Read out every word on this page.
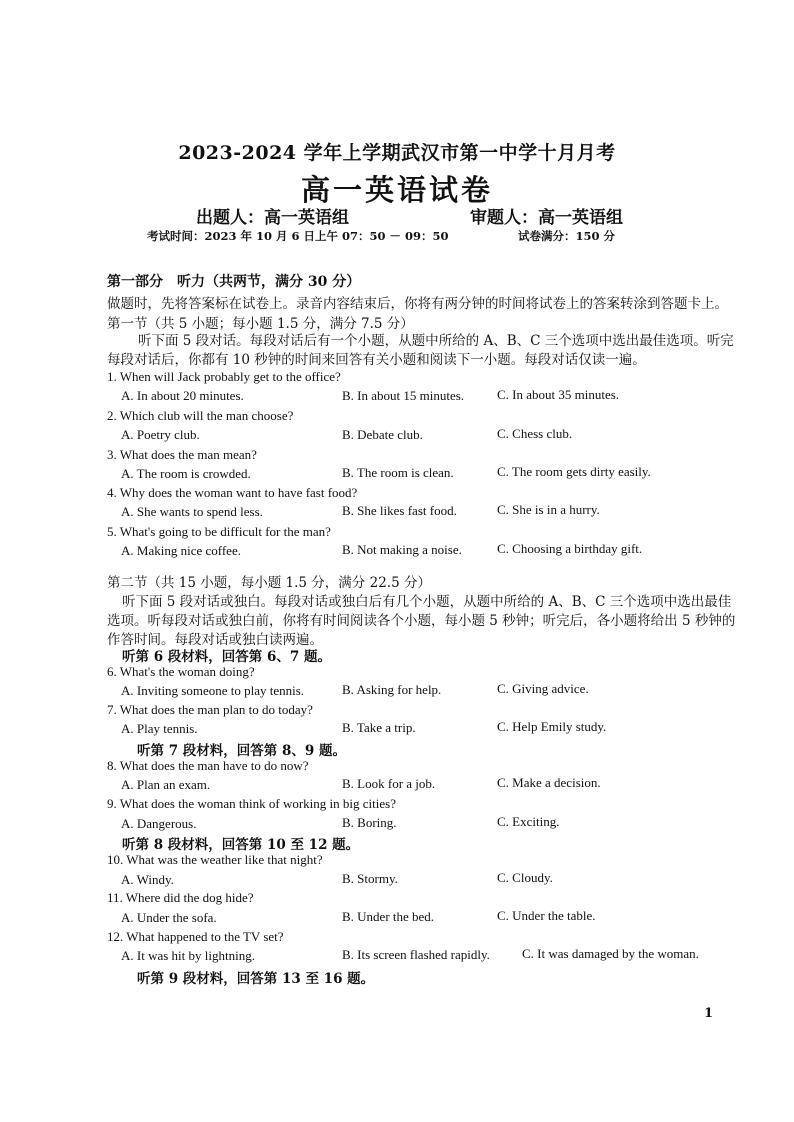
2023-2024 学年上学期武汉市第一中学十月月考
高一英语试卷
出题人：高一英语组	审题人：高一英语组
考试时间：2023 年 10 月 6 日上午 07：50 － 09：50	试卷满分：150 分
第一部分　听力（共两节，满分 30 分）
做题时，先将答案标在试卷上。录音内容结束后，你将有两分钟的时间将试卷上的答案转涂到答题卡上。
第一节（共 5 小题；每小题 1.5 分，满分 7.5 分）
听下面 5 段对话。每段对话后有一个小题，从题中所给的 A、B、C 三个选项中选出最佳选项。听完
每段对话后，你都有 10 秒钟的时间来回答有关小题和阅读下一小题。每段对话仅读一遍。
1. When will Jack probably get to the office?
A. In about 20 minutes.	B. In about 15 minutes.	C. In about 35 minutes.
2. Which club will the man choose?
A. Poetry club.	B. Debate club.	C. Chess club.
3. What does the man mean?
A. The room is crowded.	B. The room is clean.	C. The room gets dirty easily.
4. Why does the woman want to have fast food?
A. She wants to spend less.	B. She likes fast food.	C. She is in a hurry.
5. What's going to be difficult for the man?
A. Making nice coffee.	B. Not making a noise.	C. Choosing a birthday gift.
第二节（共 15 小题，每小题 1.5 分，满分 22.5 分）
听下面 5 段对话或独白。每段对话或独白后有几个小题，从题中所给的 A、B、C 三个选项中选出最佳
选项。听每段对话或独白前，你将有时间阅读各个小题，每小题 5 秒钟；听完后，各小题将给出 5 秒钟的
作答时间。每段对话或独白读两遍。
听第 6 段材料，回答第 6、7 题。
6. What's the woman doing?
A. Inviting someone to play tennis.	B. Asking for help.	C. Giving advice.
7. What does the man plan to do today?
A. Play tennis.	B. Take a trip.	C. Help Emily study.
听第 7 段材料，回答第 8、9 题。
8. What does the man have to do now?
A. Plan an exam.	B. Look for a job.	C. Make a decision.
9. What does the woman think of working in big cities?
A. Dangerous.	B. Boring.	C. Exciting.
听第 8 段材料，回答第 10 至 12 题。
10. What was the weather like that night?
A. Windy.	B. Stormy.	C. Cloudy.
11. Where did the dog hide?
A. Under the sofa.	B. Under the bed.	C. Under the table.
12. What happened to the TV set?
A. It was hit by lightning.	B. Its screen flashed rapidly. C. It was damaged by the woman.
听第 9 段材料，回答第 13 至 16 题。
1
